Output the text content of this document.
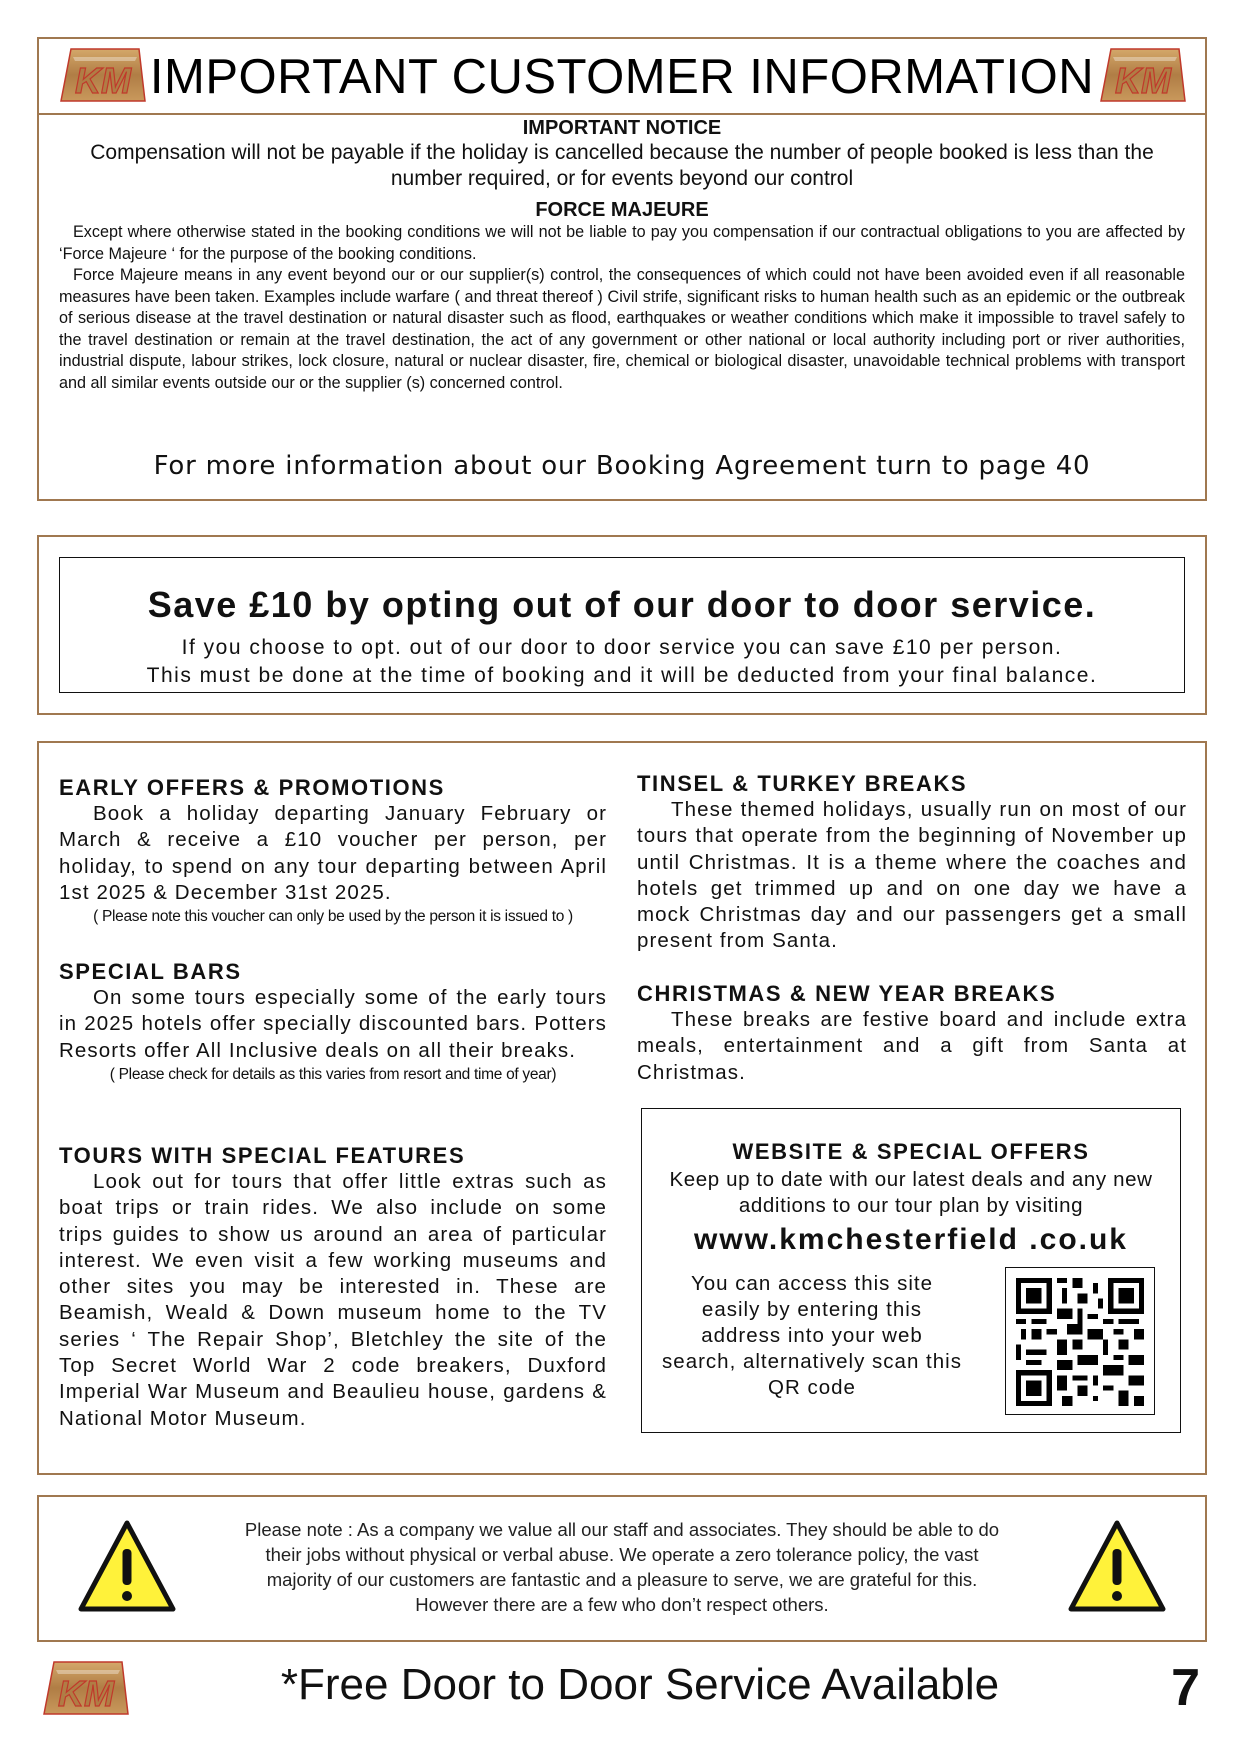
IMPORTANT CUSTOMER INFORMATION
IMPORTANT NOTICE
Compensation will not be payable if the holiday is cancelled because the number of people booked is less than the number required, or for events beyond our control
FORCE MAJEURE

Except where otherwise stated in the booking conditions we will not be liable to pay you compensation if our contractual obligations to you are affected by ‘Force Majeure ‘ for the purpose of the booking conditions.

Force Majeure means in any event beyond our or our supplier(s) control, the consequences of which could not have been avoided even if all reasonable measures have been taken. Examples include warfare ( and threat thereof ) Civil strife, significant risks to human health such as an epidemic or the outbreak of serious disease at the travel destination or natural disaster such as flood, earthquakes or weather conditions which make it impossible to travel safely to the travel destination or remain at the travel destination, the act of any government or other national or local authority including port or river authorities, industrial dispute, labour strikes, lock closure, natural or nuclear disaster, fire, chemical or biological disaster, unavoidable technical problems with transport and all similar events outside our or the supplier (s) concerned control.

For more information about our Booking Agreement turn to page 40
Save £10 by opting out of our door to door service.
If you choose to opt. out of our door to door service you can save £10 per person.
This must be done at the time of booking and it will be deducted from your final balance.
EARLY OFFERS & PROMOTIONS

Book a holiday departing January February or March & receive a £10 voucher per person, per holiday, to spend on any tour departing between April 1st 2025 & December 31st 2025.

( Please note this voucher can only be used by the person it is issued to )

SPECIAL BARS

On some tours especially some of the early tours in 2025 hotels offer specially discounted bars. Potters Resorts offer All Inclusive deals on all their breaks.

( Please check for details as this varies from resort and time of year)

TOURS WITH SPECIAL FEATURES

Look out for tours that offer little extras such as boat trips or train rides. We also include on some trips guides to show us around an area of particular interest. We even visit a few working museums and other sites you may be interested in. These are Beamish, Weald & Down museum home to the TV series ‘ The Repair Shop’, Bletchley the site of the Top Secret World War 2 code breakers, Duxford Imperial War Museum and Beaulieu house, gardens & National Motor Museum.

TINSEL & TURKEY BREAKS

These themed holidays, usually run on most of our tours that operate from the beginning of November up until Christmas. It is a theme where the coaches and hotels get trimmed up and on one day we have a mock Christmas day and our passengers get a small present from Santa.

CHRISTMAS & NEW YEAR BREAKS

These breaks are festive board and include extra meals, entertainment and a gift from Santa at Christmas.

WEBSITE & SPECIAL OFFERS
Keep up to date with our latest deals and any new additions to our tour plan by visiting
www.kmchesterfield .co.uk
You can access this site easily by entering this address into your web search, alternatively scan this QR code
Please note : As a company we value all our staff and associates. They should be able to do their jobs without physical or verbal abuse. We operate a zero tolerance policy, the vast majority of our customers are fantastic and a pleasure to serve, we are grateful for this. However there are a few who don’t respect others.
*Free Door to Door Service Available	7
